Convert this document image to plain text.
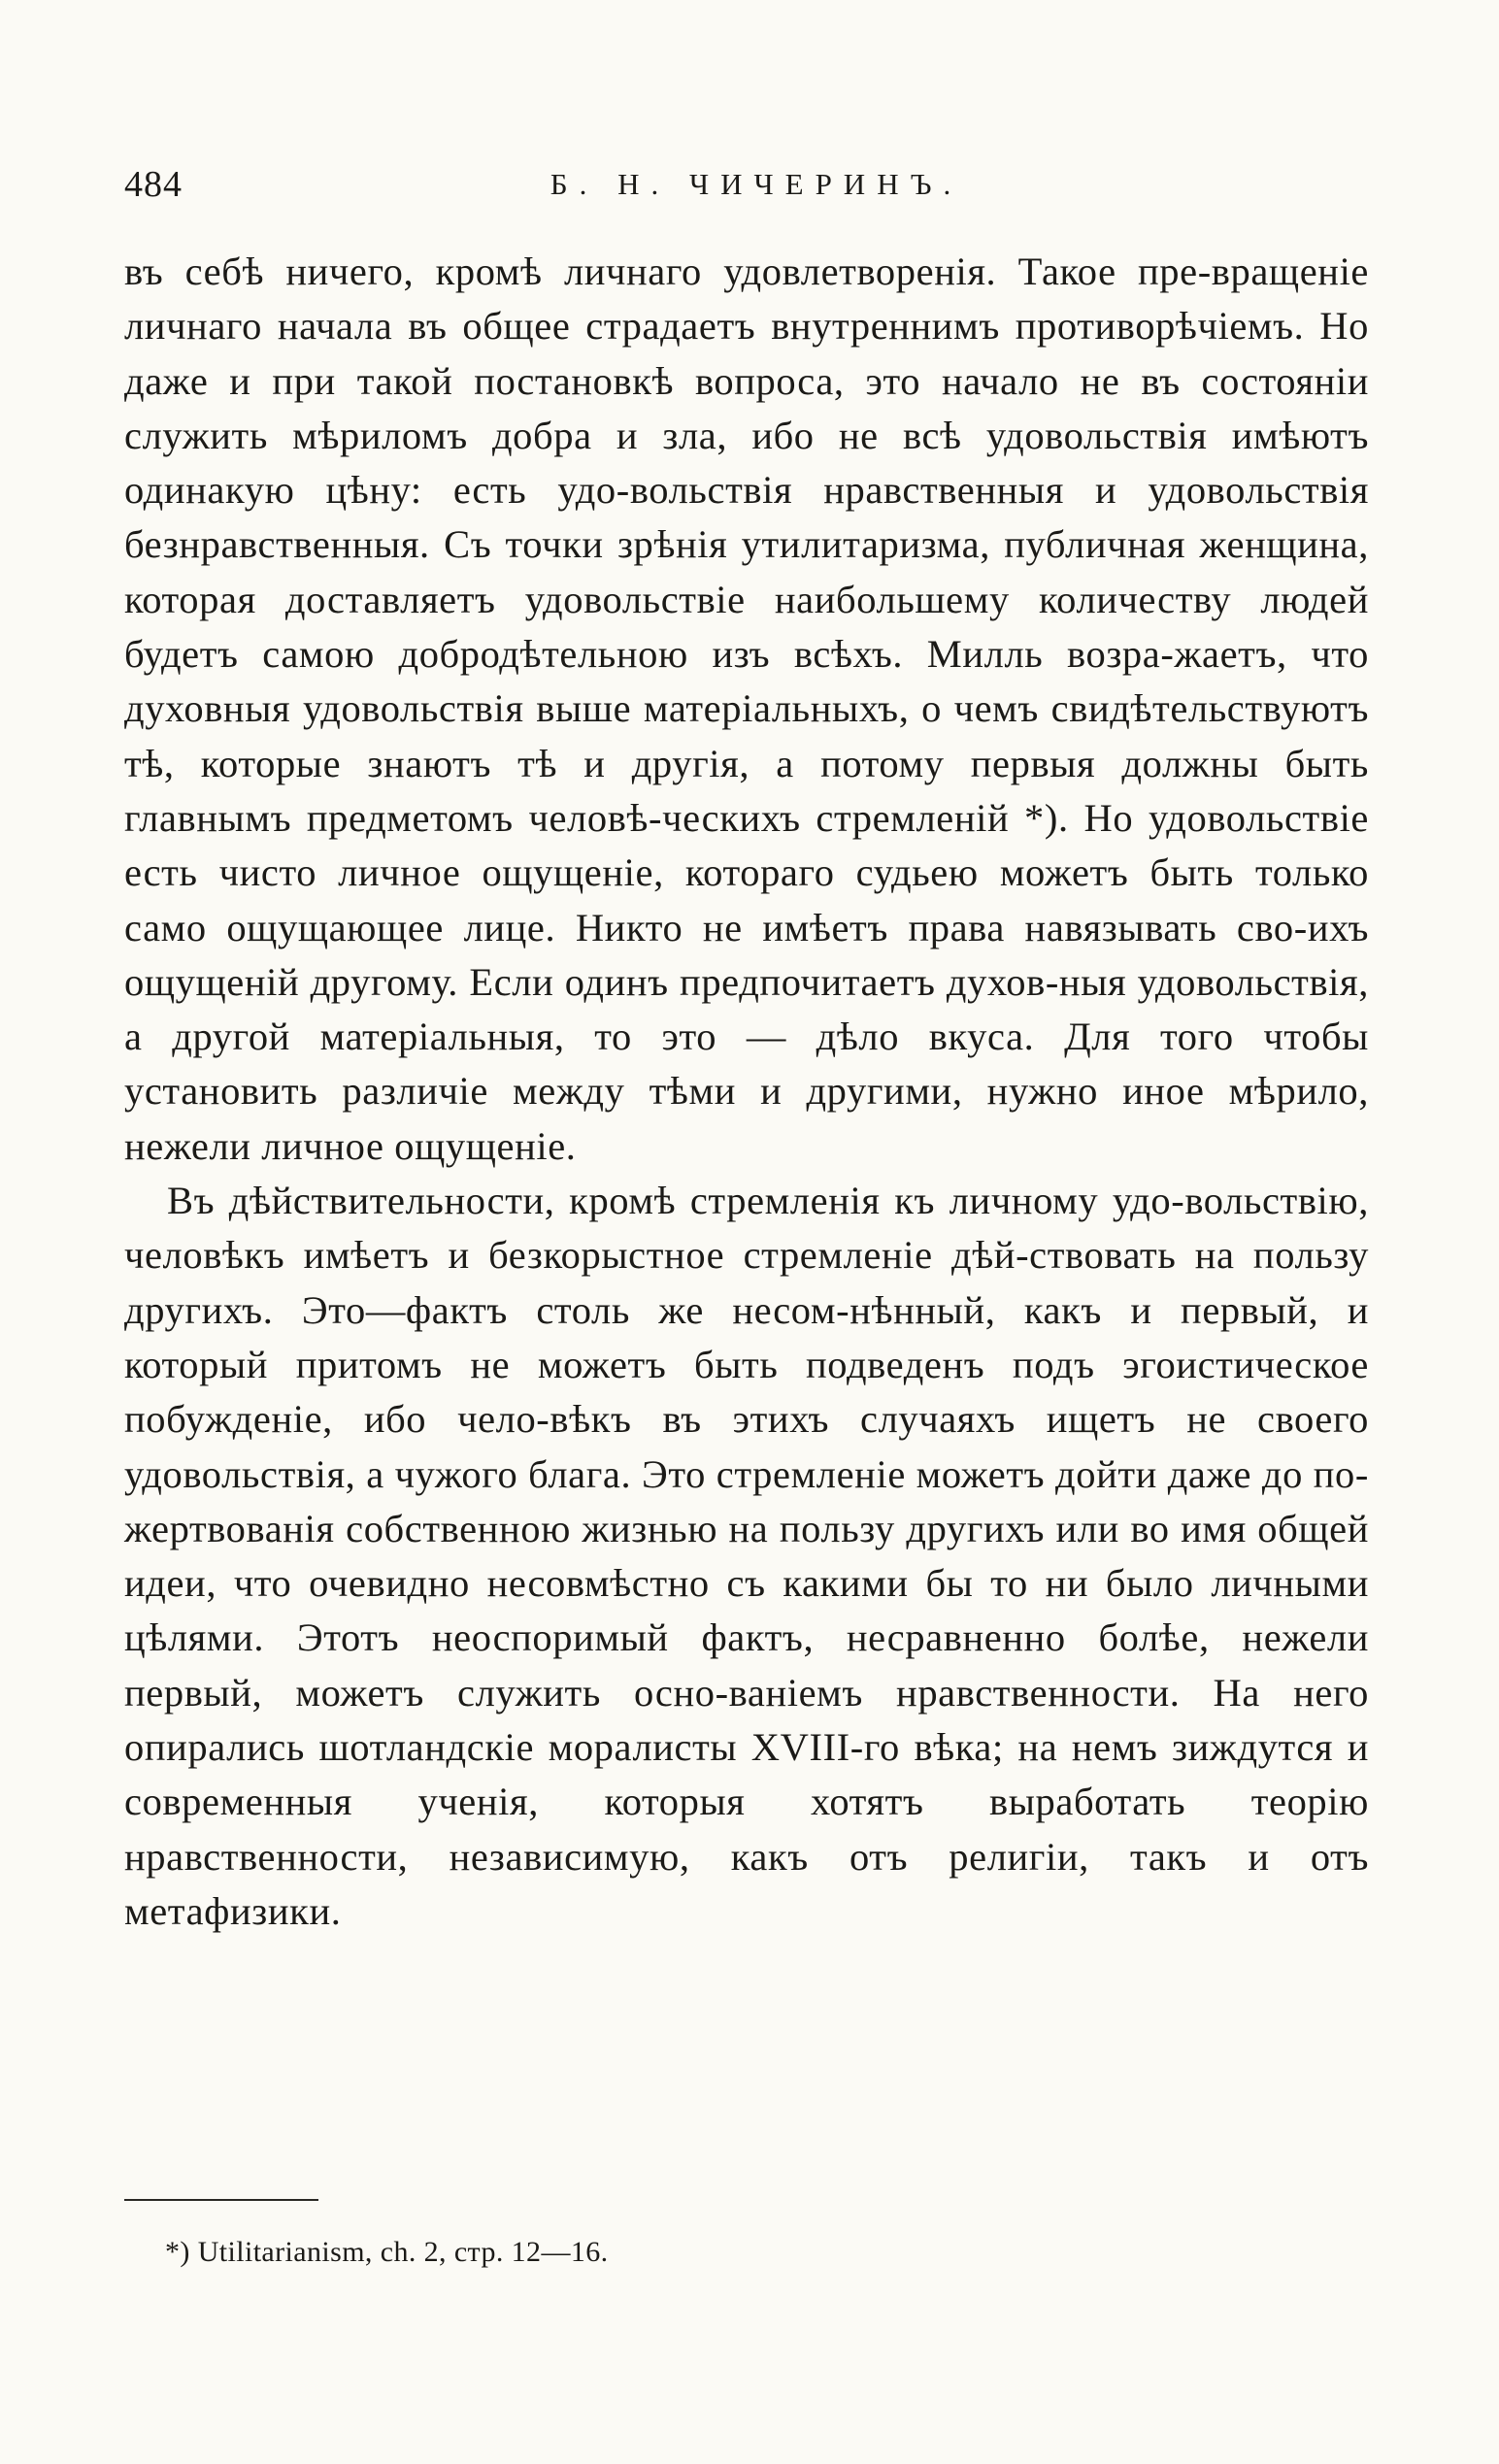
484	Б. Н. ЧИЧЕРИНЪ.

въ себѣ ничего, кромѣ личнаго удовлетворенія. Такое пре-вращеніе личнаго начала въ общее страдаетъ внутреннимъ противорѣчіемъ. Но даже и при такой постановкѣ вопроса, это начало не въ состояніи служить мѣриломъ добра и зла, ибо не всѣ удовольствія имѣютъ одинакую цѣну: есть удо-вольствія нравственныя и удовольствія безнравственныя. Съ точки зрѣнія утилитаризма, публичная женщина, которая доставляетъ удовольствіе наибольшему количеству людей будетъ самою добродѣтельною изъ всѣхъ. Милль возра-жаетъ, что духовныя удовольствія выше матеріальныхъ, о чемъ свидѣтельствуютъ тѣ, которые знаютъ тѣ и другія, а потому первыя должны быть главнымъ предметомъ человѣ-ческихъ стремленій *). Но удовольствіе есть чисто личное ощущеніе, котораго судьею можетъ быть только само ощущающее лице. Никто не имѣетъ права навязывать сво-ихъ ощущеній другому. Если одинъ предпочитаетъ духов-ныя удовольствія, а другой матеріальныя, то это — дѣло вкуса. Для того чтобы установить различіе между тѣми и другими, нужно иное мѣрило, нежели личное ощущеніе.

Въ дѣйствительности, кромѣ стремленія къ личному удо-вольствію, человѣкъ имѣетъ и безкорыстное стремленіе дѣй-ствовать на пользу другихъ. Это—фактъ столь же несом-нѣнный, какъ и первый, и который притомъ не можетъ быть подведенъ подъ эгоистическое побужденіе, ибо чело-вѣкъ въ этихъ случаяхъ ищетъ не своего удовольствія, а чужого блага. Это стремленіе можетъ дойти даже до по-жертвованія собственною жизнью на пользу другихъ или во имя общей идеи, что очевидно несовмѣстно съ какими бы то ни было личными цѣлями. Этотъ неоспоримый фактъ, несравненно болѣе, нежели первый, можетъ служить осно-ваніемъ нравственности. На него опирались шотландскіе моралисты XVIII-го вѣка; на немъ зиждутся и современныя ученія, которыя хотятъ выработать теорію нравственности, независимую, какъ отъ религіи, такъ и отъ метафизики.

*) Utilitarianism, ch. 2, стр. 12—16.
